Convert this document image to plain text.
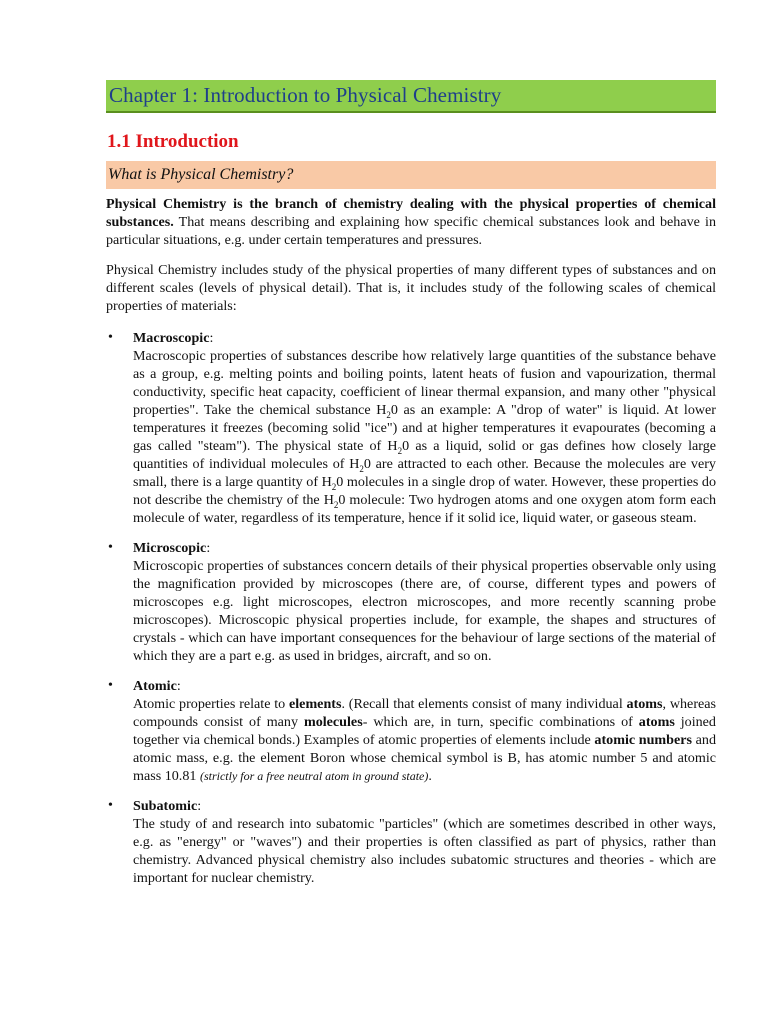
Chapter 1: Introduction to Physical Chemistry
1.1 Introduction
What is Physical Chemistry?

Physical Chemistry is the branch of chemistry dealing with the physical properties of chemical substances. That means describing and explaining how specific chemical substances look and behave in particular situations, e.g. under certain temperatures and pressures.

Physical Chemistry includes study of the physical properties of many different types of substances and on different scales (levels of physical detail). That is, it includes study of the following scales of chemical properties of materials:

• Macroscopic:

Macroscopic properties of substances describe how relatively large quantities of the substance behave as a group, e.g. melting points and boiling points, latent heats of fusion and vapourization, thermal conductivity, specific heat capacity, coefficient of linear thermal expansion, and many other "physical properties". Take the chemical substance $H_20$ as an example: A "drop of water" is liquid. At lower temperatures it freezes (becoming solid "ice") and at higher temperatures it evapourates (becoming a gas called "steam"). The physical state of $H_20$ as a liquid, solid or gas defines how closely large quantities of individual molecules of $H_20$ are attracted to each other. Because the molecules are very small, there is a large quantity of $H_20$ molecules in a single drop of water. However, these properties do not describe the chemistry of the $H_20$ molecule: Two hydrogen atoms and one oxygen atom form each molecule of water, regardless of its temperature, hence if it solid ice, liquid water, or gaseous steam.

• Microscopic:

Microscopic properties of substances concern details of their physical properties observable only using the magnification provided by microscopes (there are, of course, different types and powers of microscopes e.g. light microscopes, electron microscopes, and more recently scanning probe microscopes). Microscopic physical properties include, for example, the shapes and structures of crystals - which can have important consequences for the behaviour of large sections of the material of which they are a part e.g. as used in bridges, aircraft, and so on.

• Atomic:

Atomic properties relate to elements. (Recall that elements consist of many individual atoms, whereas compounds consist of many molecules- which are, in turn, specific combinations of atoms joined together via chemical bonds.) Examples of atomic properties of elements include atomic numbers and atomic mass, e.g. the element Boron whose chemical symbol is B, has atomic number 5 and atomic mass 10.81 (strictly for a free neutral atom in ground state).

• Subatomic:

The study of and research into subatomic "particles" (which are sometimes described in other ways, e.g. as "energy" or "waves") and their properties is often classified as part of physics, rather than chemistry. Advanced physical chemistry also includes subatomic structures and theories - which are important for nuclear chemistry.
